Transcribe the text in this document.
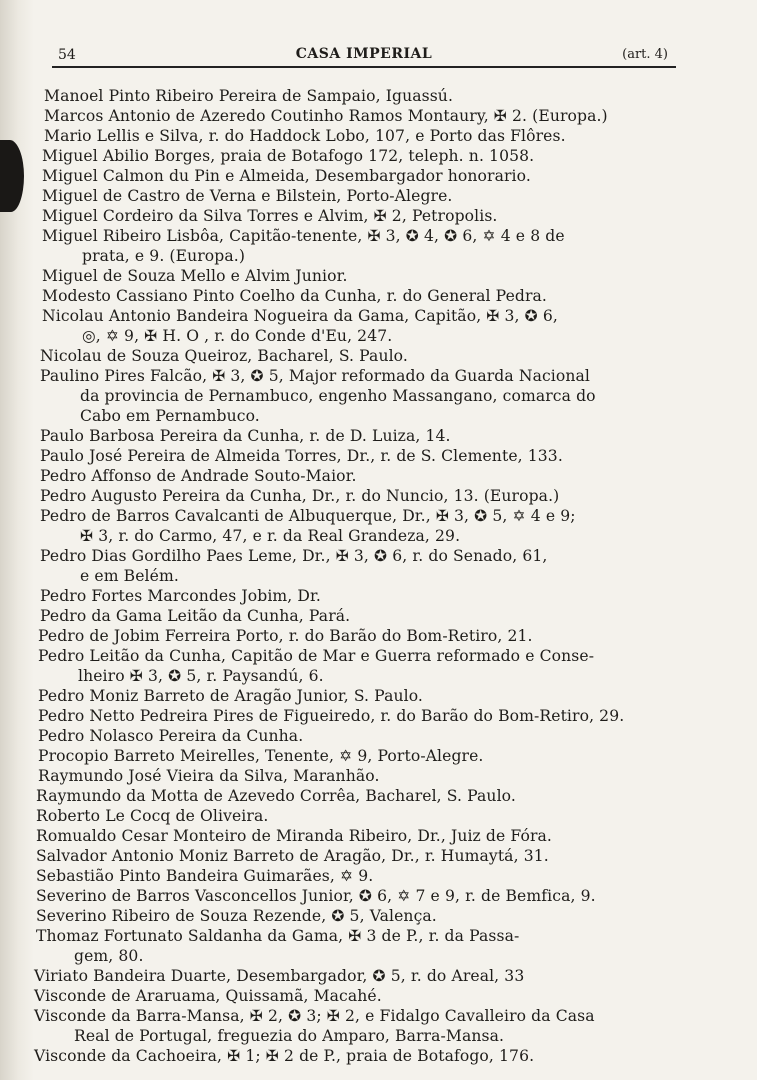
54	CASA IMPERIAL	(art. 4)
Manoel Pinto Ribeiro Pereira de Sampaio, Iguassú.
Marcos Antonio de Azeredo Coutinho Ramos Montaury, ✠ 2. (Europa.)
Mario Lellis e Silva, r. do Haddock Lobo, 107, e Porto das Flôres.
Miguel Abilio Borges, praia de Botafogo 172, teleph. n. 1058.
Miguel Calmon du Pin e Almeida, Desembargador honorario.
Miguel de Castro de Verna e Bilstein, Porto-Alegre.
Miguel Cordeiro da Silva Torres e Alvim, ✠ 2, Petropolis.
Miguel Ribeiro Lisbôa, Capitão-tenente, ✠ 3, ✪ 4, ✪ 6, ✡ 4 e 8 de
prata, e 9. (Europa.)
Miguel de Souza Mello e Alvim Junior.
Modesto Cassiano Pinto Coelho da Cunha, r. do General Pedra.
Nicolau Antonio Bandeira Nogueira da Gama, Capitão, ✠ 3, ✪ 6,
◎, ✡ 9, ✠ H. O , r. do Conde d'Eu, 247.
Nicolau de Souza Queiroz, Bacharel, S. Paulo.
Paulino Pires Falcão, ✠ 3, ✪ 5, Major reformado da Guarda Nacional
da provincia de Pernambuco, engenho Massangano, comarca do
Cabo em Pernambuco.
Paulo Barbosa Pereira da Cunha, r. de D. Luiza, 14.
Paulo José Pereira de Almeida Torres, Dr., r. de S. Clemente, 133.
Pedro Affonso de Andrade Souto-Maior.
Pedro Augusto Pereira da Cunha, Dr., r. do Nuncio, 13. (Europa.)
Pedro de Barros Cavalcanti de Albuquerque, Dr., ✠ 3, ✪ 5, ✡ 4 e 9;
✠ 3, r. do Carmo, 47, e r. da Real Grandeza, 29.
Pedro Dias Gordilho Paes Leme, Dr., ✠ 3, ✪ 6, r. do Senado, 61,
e em Belém.
Pedro Fortes Marcondes Jobim, Dr.
Pedro da Gama Leitão da Cunha, Pará.
Pedro de Jobim Ferreira Porto, r. do Barão do Bom-Retiro, 21.
Pedro Leitão da Cunha, Capitão de Mar e Guerra reformado e Conse-
lheiro ✠ 3, ✪ 5, r. Paysandú, 6.
Pedro Moniz Barreto de Aragão Junior, S. Paulo.
Pedro Netto Pedreira Pires de Figueiredo, r. do Barão do Bom-Retiro, 29.
Pedro Nolasco Pereira da Cunha.
Procopio Barreto Meirelles, Tenente, ✡ 9, Porto-Alegre.
Raymundo José Vieira da Silva, Maranhão.
Raymundo da Motta de Azevedo Corrêa, Bacharel, S. Paulo.
Roberto Le Cocq de Oliveira.
Romualdo Cesar Monteiro de Miranda Ribeiro, Dr., Juiz de Fóra.
Salvador Antonio Moniz Barreto de Aragão, Dr., r. Humaytá, 31.
Sebastião Pinto Bandeira Guimarães, ✡ 9.
Severino de Barros Vasconcellos Junior, ✪ 6, ✡ 7 e 9, r. de Bemfica, 9.
Severino Ribeiro de Souza Rezende, ✪ 5, Valença.
Thomaz Fortunato Saldanha da Gama, ✠ 3 de P., r. da Passa-
gem, 80.
Viriato Bandeira Duarte, Desembargador, ✪ 5, r. do Areal, 33
Visconde de Araruama, Quissamã, Macahé.
Visconde da Barra-Mansa, ✠ 2, ✪ 3; ✠ 2, e Fidalgo Cavalleiro da Casa
Real de Portugal, freguezia do Amparo, Barra-Mansa.
Visconde da Cachoeira, ✠ 1; ✠ 2 de P., praia de Botafogo, 176.
